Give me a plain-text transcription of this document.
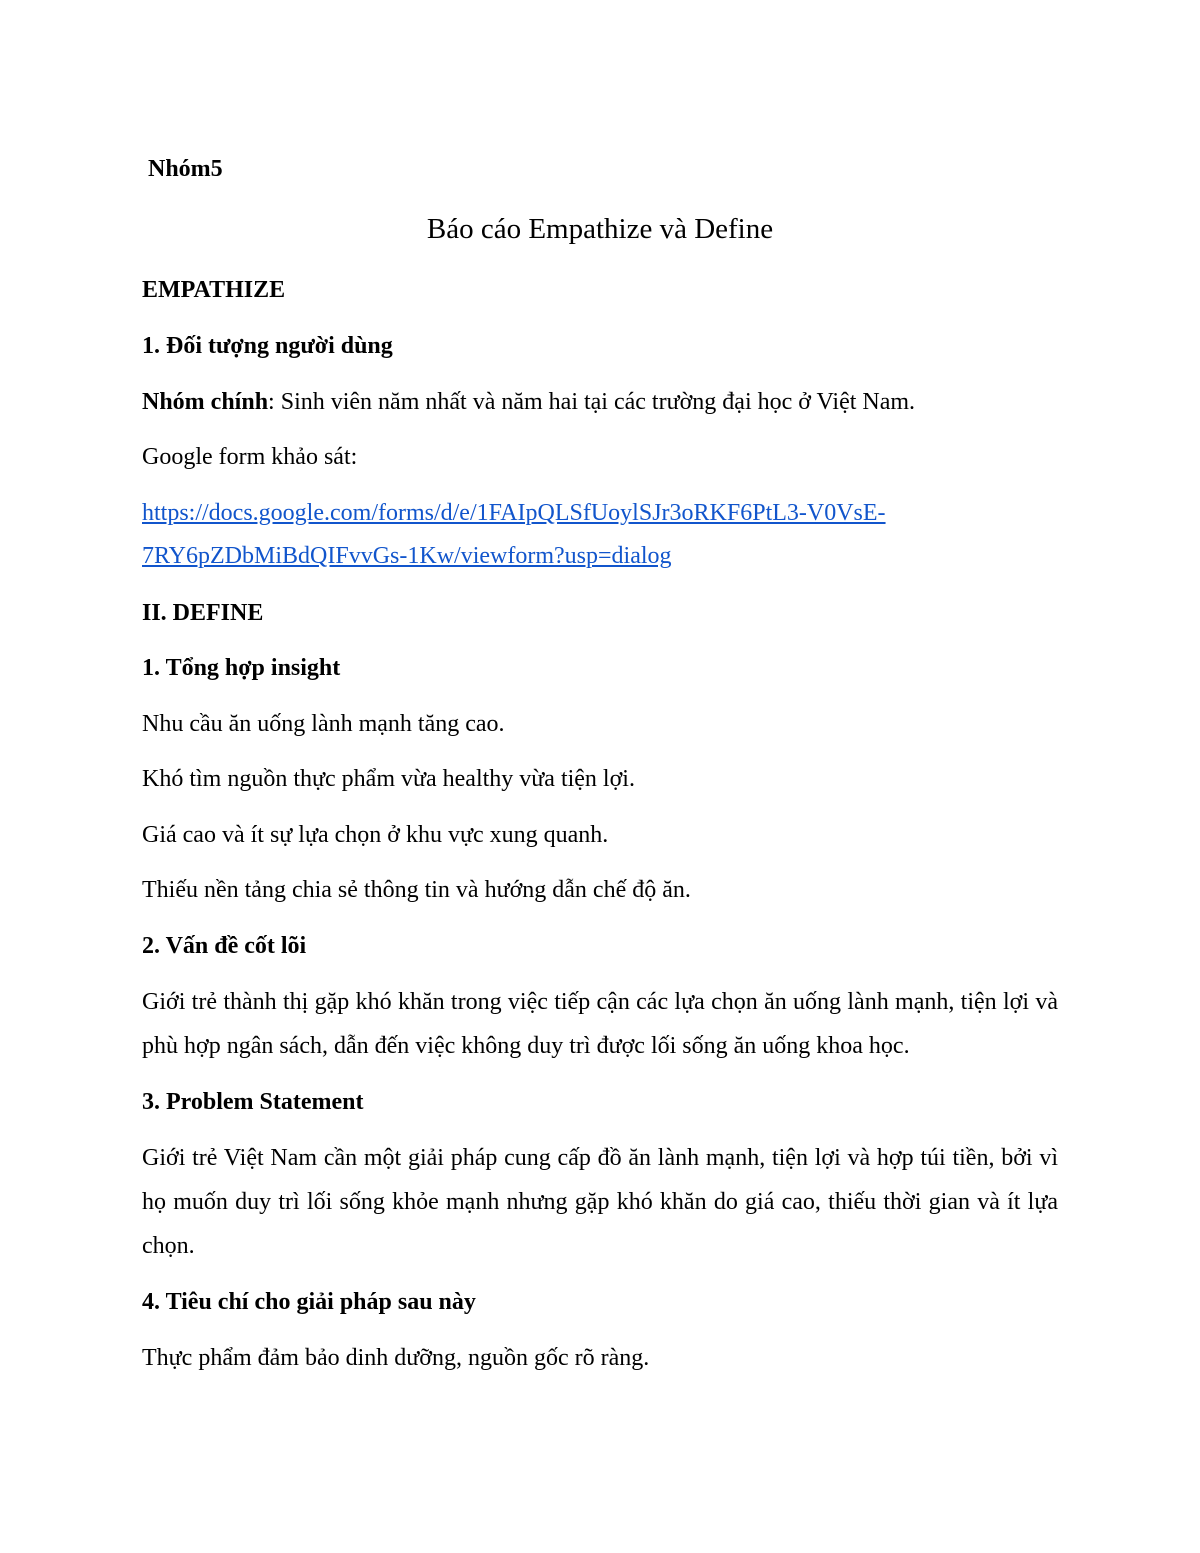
Nhóm5

Báo cáo Empathize và Define

EMPATHIZE

1. Đối tượng người dùng

Nhóm chính: Sinh viên năm nhất và năm hai tại các trường đại học ở Việt Nam.

Google form khảo sát:

https://docs.google.com/forms/d/e/1FAIpQLSfUoylSJr3oRKF6PtL3-V0VsE-
7RY6pZDbMiBdQIFvvGs-1Kw/viewform?usp=dialog

II. DEFINE

1. Tổng hợp insight

Nhu cầu ăn uống lành mạnh tăng cao.

Khó tìm nguồn thực phẩm vừa healthy vừa tiện lợi.

Giá cao và ít sự lựa chọn ở khu vực xung quanh.

Thiếu nền tảng chia sẻ thông tin và hướng dẫn chế độ ăn.

2. Vấn đề cốt lõi

Giới trẻ thành thị gặp khó khăn trong việc tiếp cận các lựa chọn ăn uống lành mạnh, tiện lợi và phù hợp ngân sách, dẫn đến việc không duy trì được lối sống ăn uống khoa học.

3. Problem Statement

Giới trẻ Việt Nam cần một giải pháp cung cấp đồ ăn lành mạnh, tiện lợi và hợp túi tiền, bởi vì họ muốn duy trì lối sống khỏe mạnh nhưng gặp khó khăn do giá cao, thiếu thời gian và ít lựa chọn.

4. Tiêu chí cho giải pháp sau này

Thực phẩm đảm bảo dinh dưỡng, nguồn gốc rõ ràng.
